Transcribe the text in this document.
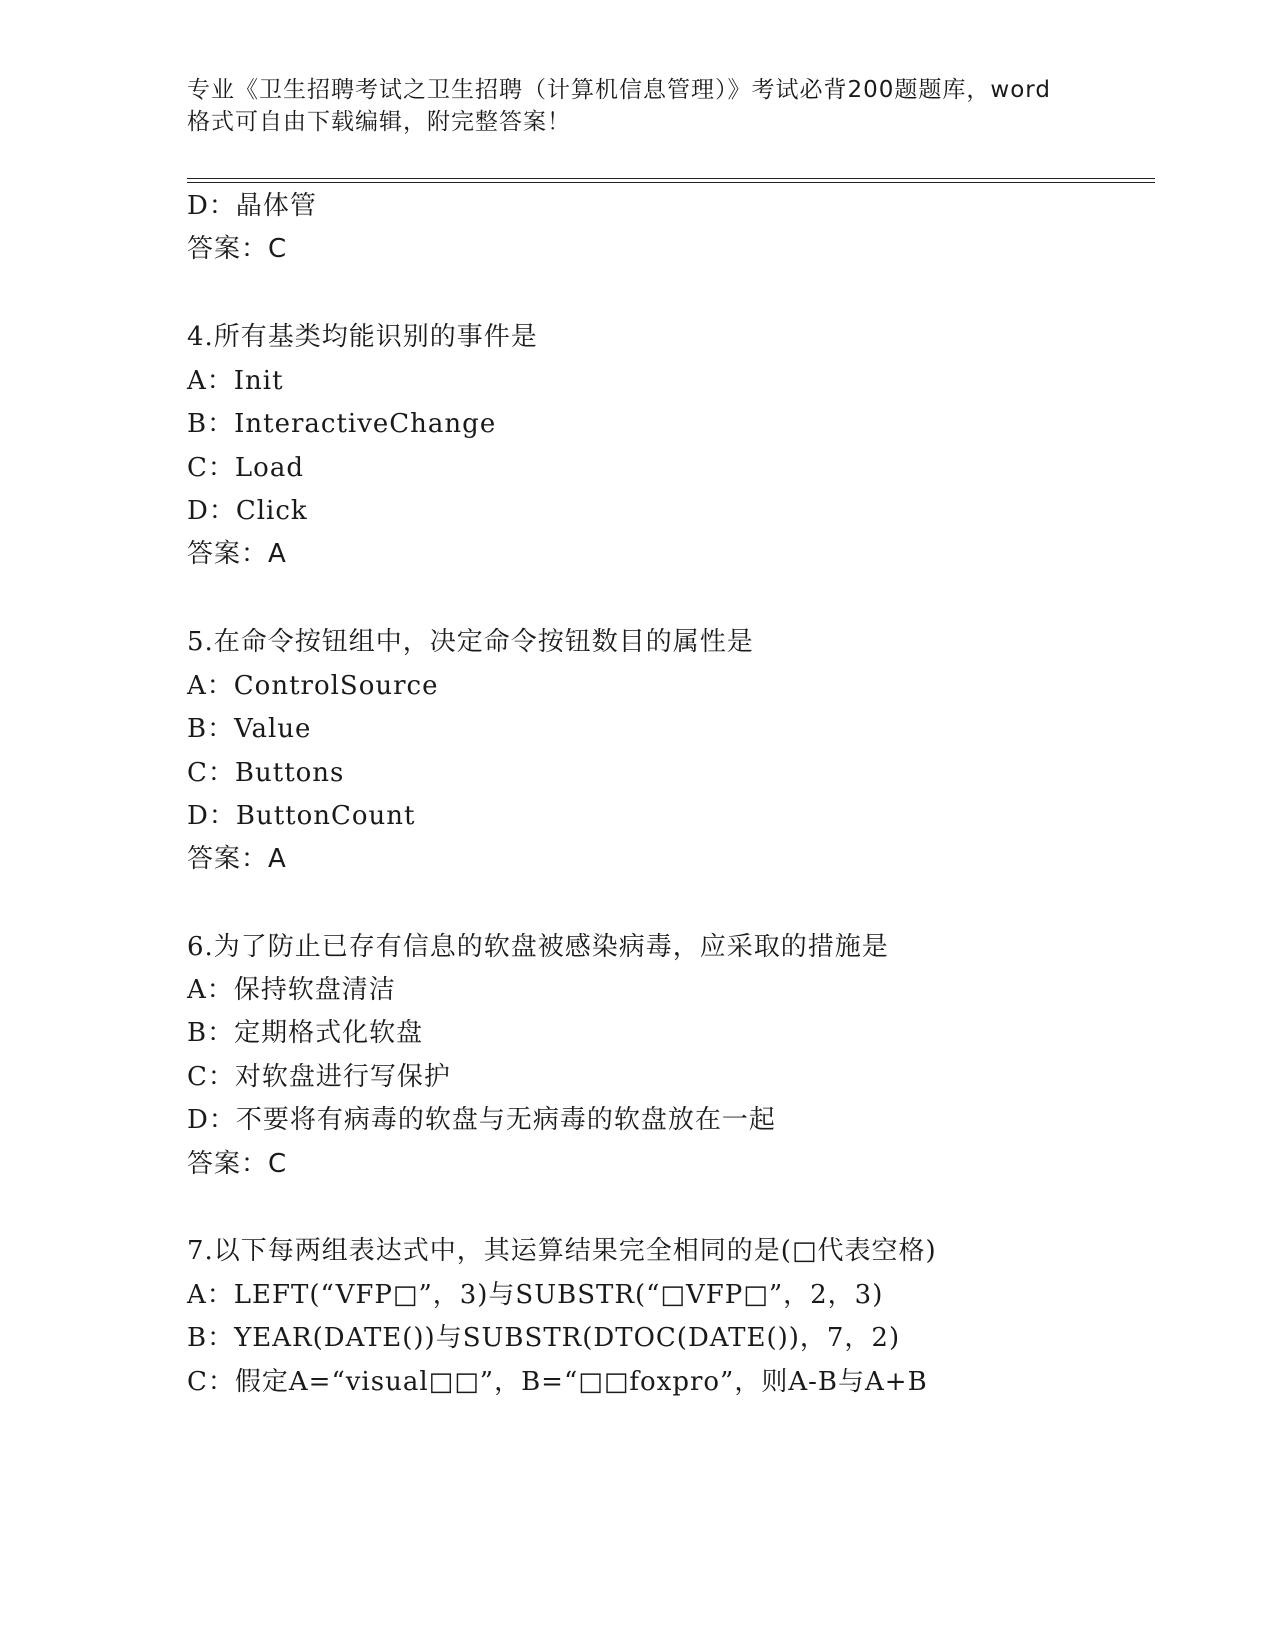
专业《卫生招聘考试之卫生招聘（计算机信息管理）》考试必背200题题库，word
格式可自由下载编辑，附完整答案！
D：晶体管
答案：C
4.所有基类均能识别的事件是
A：Init
B：InteractiveChange
C：Load
D：Click
答案：A
5.在命令按钮组中，决定命令按钮数目的属性是
A：ControlSource
B：Value
C：Buttons
D：ButtonCount
答案：A
6.为了防止已存有信息的软盘被感染病毒，应采取的措施是
A：保持软盘清洁
B：定期格式化软盘
C：对软盘进行写保护
D：不要将有病毒的软盘与无病毒的软盘放在一起
答案：C
7.以下每两组表达式中，其运算结果完全相同的是(□代表空格)
A：LEFT(“VFP□”，3)与SUBSTR(“□VFP□”，2，3)
B：YEAR(DATE())与SUBSTR(DTOC(DATE())，7，2)
C：假定A=“visual□□”，B=“□□foxpro”，则A-B与A+B
